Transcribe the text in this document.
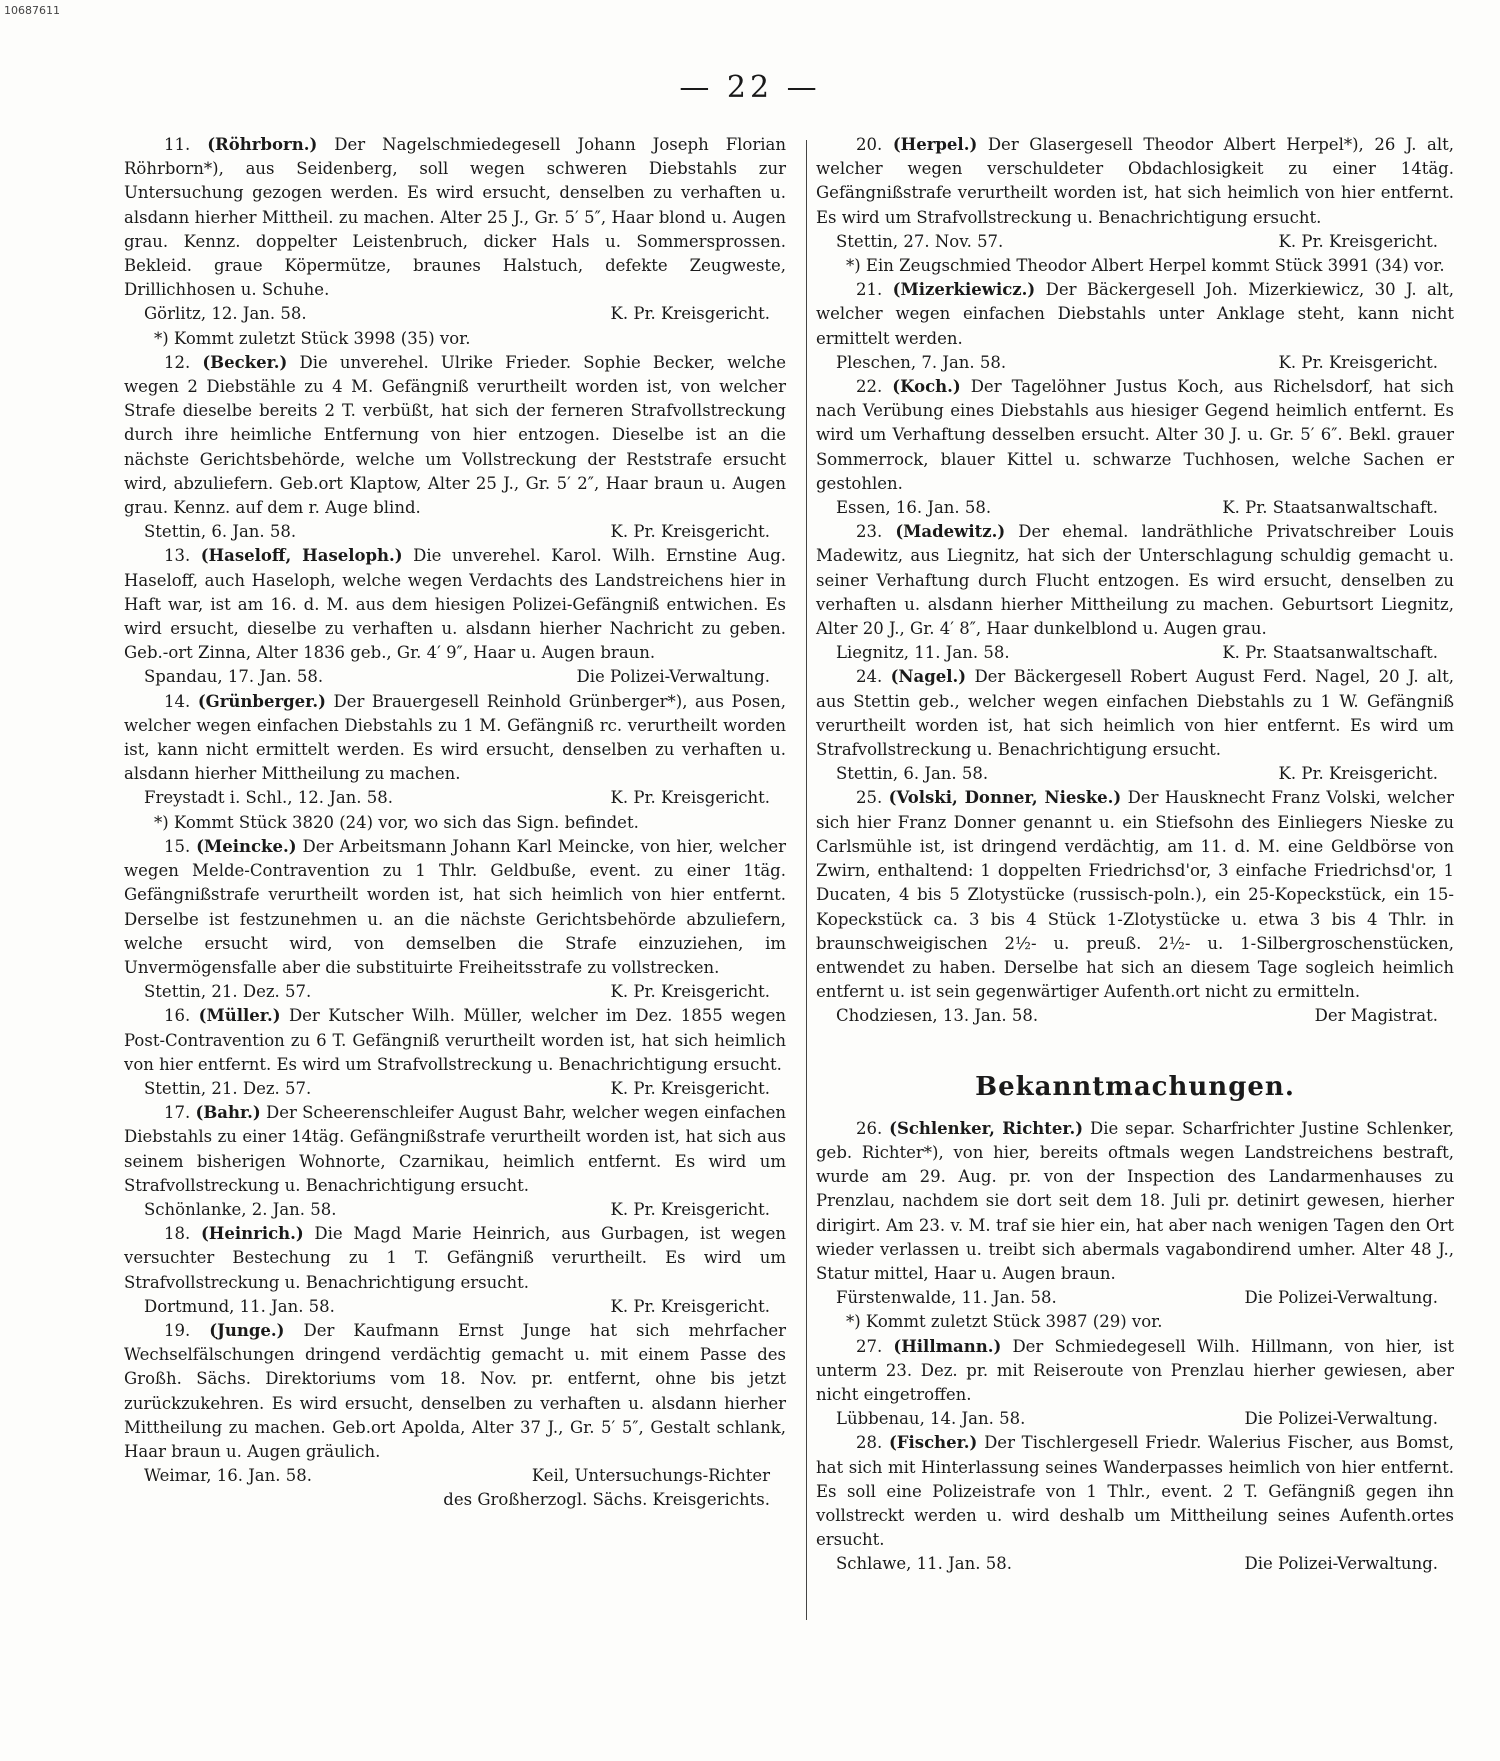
10687611
— 22 —

11. (Röhrborn.) Der Nagelschmiedegesell Johann Joseph Florian Röhrborn*), aus Seidenberg, soll wegen schweren Diebstahls zur Untersuchung gezogen werden. Es wird ersucht, denselben zu verhaften u. alsdann hierher Mittheil. zu machen. Alter 25 J., Gr. 5′ 5″, Haar blond u. Augen grau. Kennz. doppelter Leistenbruch, dicker Hals u. Sommersprossen. Bekleid. graue Köpermütze, braunes Halstuch, defekte Zeugweste, Drillichhosen u. Schuhe.

Görlitz, 12. Jan. 58.	K. Pr. Kreisgericht.
*) Kommt zuletzt Stück 3998 (35) vor.

12. (Becker.) Die unverehel. Ulrike Frieder. Sophie Becker, welche wegen 2 Diebstähle zu 4 M. Gefängniß verurtheilt worden ist, von welcher Strafe dieselbe bereits 2 T. verbüßt, hat sich der ferneren Strafvollstreckung durch ihre heimliche Entfernung von hier entzogen. Dieselbe ist an die nächste Gerichtsbehörde, welche um Vollstreckung der Reststrafe ersucht wird, abzuliefern. Geb.ort Klaptow, Alter 25 J., Gr. 5′ 2″, Haar braun u. Augen grau. Kennz. auf dem r. Auge blind.

Stettin, 6. Jan. 58.	K. Pr. Kreisgericht.

13. (Haseloff, Haseloph.) Die unverehel. Karol. Wilh. Ernstine Aug. Haseloff, auch Haseloph, welche wegen Verdachts des Landstreichens hier in Haft war, ist am 16. d. M. aus dem hiesigen Polizei-Gefängniß entwichen. Es wird ersucht, dieselbe zu verhaften u. alsdann hierher Nachricht zu geben. Geb.-ort Zinna, Alter 1836 geb., Gr. 4′ 9″, Haar u. Augen braun.

Spandau, 17. Jan. 58.	Die Polizei-Verwaltung.

14. (Grünberger.) Der Brauergesell Reinhold Grünberger*), aus Posen, welcher wegen einfachen Diebstahls zu 1 M. Gefängniß rc. verurtheilt worden ist, kann nicht ermittelt werden. Es wird ersucht, denselben zu verhaften u. alsdann hierher Mittheilung zu machen.

Freystadt i. Schl., 12. Jan. 58.	K. Pr. Kreisgericht.
*) Kommt Stück 3820 (24) vor, wo sich das Sign. befindet.

15. (Meincke.) Der Arbeitsmann Johann Karl Meincke, von hier, welcher wegen Melde-Contravention zu 1 Thlr. Geldbuße, event. zu einer 1täg. Gefängnißstrafe verurtheilt worden ist, hat sich heimlich von hier entfernt. Derselbe ist festzunehmen u. an die nächste Gerichtsbehörde abzuliefern, welche ersucht wird, von demselben die Strafe einzuziehen, im Unvermögensfalle aber die substituirte Freiheitsstrafe zu vollstrecken.

Stettin, 21. Dez. 57.	K. Pr. Kreisgericht.

16. (Müller.) Der Kutscher Wilh. Müller, welcher im Dez. 1855 wegen Post-Contravention zu 6 T. Gefängniß verurtheilt worden ist, hat sich heimlich von hier entfernt. Es wird um Strafvollstreckung u. Benachrichtigung ersucht.

Stettin, 21. Dez. 57.	K. Pr. Kreisgericht.

17. (Bahr.) Der Scheerenschleifer August Bahr, welcher wegen einfachen Diebstahls zu einer 14täg. Gefängnißstrafe verurtheilt worden ist, hat sich aus seinem bisherigen Wohnorte, Czarnikau, heimlich entfernt. Es wird um Strafvollstreckung u. Benachrichtigung ersucht.

Schönlanke, 2. Jan. 58.	K. Pr. Kreisgericht.

18. (Heinrich.) Die Magd Marie Heinrich, aus Gurbagen, ist wegen versuchter Bestechung zu 1 T. Gefängniß verurtheilt. Es wird um Strafvollstreckung u. Benachrichtigung ersucht.

Dortmund, 11. Jan. 58.	K. Pr. Kreisgericht.

19. (Junge.) Der Kaufmann Ernst Junge hat sich mehrfacher Wechselfälschungen dringend verdächtig gemacht u. mit einem Passe des Großh. Sächs. Direktoriums vom 18. Nov. pr. entfernt, ohne bis jetzt zurückzukehren. Es wird ersucht, denselben zu verhaften u. alsdann hierher Mittheilung zu machen. Geb.ort Apolda, Alter 37 J., Gr. 5′ 5″, Gestalt schlank, Haar braun u. Augen gräulich.

Weimar, 16. Jan. 58.	Keil, Untersuchungs-Richter
des Großherzogl. Sächs. Kreisgerichts.

20. (Herpel.) Der Glasergesell Theodor Albert Herpel*), 26 J. alt, welcher wegen verschuldeter Obdachlosigkeit zu einer 14täg. Gefängnißstrafe verurtheilt worden ist, hat sich heimlich von hier entfernt. Es wird um Strafvollstreckung u. Benachrichtigung ersucht.

Stettin, 27. Nov. 57.	K. Pr. Kreisgericht.
*) Ein Zeugschmied Theodor Albert Herpel kommt Stück 3991 (34) vor.

21. (Mizerkiewicz.) Der Bäckergesell Joh. Mizerkiewicz, 30 J. alt, welcher wegen einfachen Diebstahls unter Anklage steht, kann nicht ermittelt werden.

Pleschen, 7. Jan. 58.	K. Pr. Kreisgericht.

22. (Koch.) Der Tagelöhner Justus Koch, aus Richelsdorf, hat sich nach Verübung eines Diebstahls aus hiesiger Gegend heimlich entfernt. Es wird um Verhaftung desselben ersucht. Alter 30 J. u. Gr. 5′ 6″. Bekl. grauer Sommerrock, blauer Kittel u. schwarze Tuchhosen, welche Sachen er gestohlen.

Essen, 16. Jan. 58.	K. Pr. Staatsanwaltschaft.

23. (Madewitz.) Der ehemal. landräthliche Privatschreiber Louis Madewitz, aus Liegnitz, hat sich der Unterschlagung schuldig gemacht u. seiner Verhaftung durch Flucht entzogen. Es wird ersucht, denselben zu verhaften u. alsdann hierher Mittheilung zu machen. Geburtsort Liegnitz, Alter 20 J., Gr. 4′ 8″, Haar dunkelblond u. Augen grau.

Liegnitz, 11. Jan. 58.	K. Pr. Staatsanwaltschaft.

24. (Nagel.) Der Bäckergesell Robert August Ferd. Nagel, 20 J. alt, aus Stettin geb., welcher wegen einfachen Diebstahls zu 1 W. Gefängniß verurtheilt worden ist, hat sich heimlich von hier entfernt. Es wird um Strafvollstreckung u. Benachrichtigung ersucht.

Stettin, 6. Jan. 58.	K. Pr. Kreisgericht.

25. (Volski, Donner, Nieske.) Der Hausknecht Franz Volski, welcher sich hier Franz Donner genannt u. ein Stiefsohn des Einliegers Nieske zu Carlsmühle ist, ist dringend verdächtig, am 11. d. M. eine Geldbörse von Zwirn, enthaltend: 1 doppelten Friedrichsd'or, 3 einfache Friedrichsd'or, 1 Ducaten, 4 bis 5 Zlotystücke (russisch-poln.), ein 25-Kopeckstück, ein 15-Kopeckstück ca. 3 bis 4 Stück 1-Zlotystücke u. etwa 3 bis 4 Thlr. in braunschweigischen 2½- u. preuß. 2½- u. 1-Silbergroschenstücken, entwendet zu haben. Derselbe hat sich an diesem Tage sogleich heimlich entfernt u. ist sein gegenwärtiger Aufenth.ort nicht zu ermitteln.

Chodziesen, 13. Jan. 58.	Der Magistrat.
Bekanntmachungen.

26. (Schlenker, Richter.) Die separ. Scharfrichter Justine Schlenker, geb. Richter*), von hier, bereits oftmals wegen Landstreichens bestraft, wurde am 29. Aug. pr. von der Inspection des Landarmenhauses zu Prenzlau, nachdem sie dort seit dem 18. Juli pr. detinirt gewesen, hierher dirigirt. Am 23. v. M. traf sie hier ein, hat aber nach wenigen Tagen den Ort wieder verlassen u. treibt sich abermals vagabondirend umher. Alter 48 J., Statur mittel, Haar u. Augen braun.

Fürstenwalde, 11. Jan. 58.	Die Polizei-Verwaltung.
*) Kommt zuletzt Stück 3987 (29) vor.

27. (Hillmann.) Der Schmiedegesell Wilh. Hillmann, von hier, ist unterm 23. Dez. pr. mit Reiseroute von Prenzlau hierher gewiesen, aber nicht eingetroffen.

Lübbenau, 14. Jan. 58.	Die Polizei-Verwaltung.

28. (Fischer.) Der Tischlergesell Friedr. Walerius Fischer, aus Bomst, hat sich mit Hinterlassung seines Wanderpasses heimlich von hier entfernt. Es soll eine Polizeistrafe von 1 Thlr., event. 2 T. Gefängniß gegen ihn vollstreckt werden u. wird deshalb um Mittheilung seines Aufenth.ortes ersucht.

Schlawe, 11. Jan. 58.	Die Polizei-Verwaltung.
